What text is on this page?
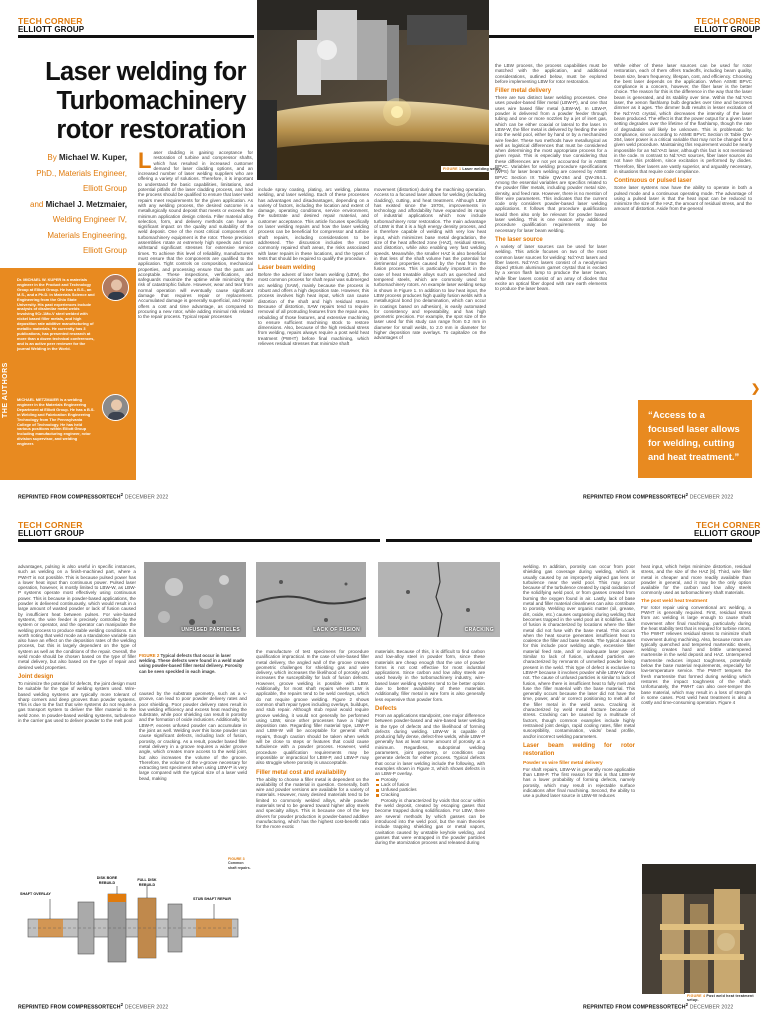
TECH CORNER
ELLIOTT GROUP
TECH CORNER
ELLIOTT GROUP
Laser welding for
Turbomachinery
rotor restoration
By Michael W. Kuper,
PhD., Materials Engineer,
Elliott Group
and Michael J. Metzmaier,
Welding Engineer IV,
Materials Engineering,
Elliott Group
THE AUTHORS
Dr. MICHAEL W. KUPER is a materials engineer in the Product and Technology Group at Elliott Group. He has a B.S., an M.S., and a Ph.D. in Materials Science and Engineering from the Ohio State University. His past experiences include analysis of dissimilar metal welds involving 9Cr-1Mo-V steel welded with nickel based filler metals, and high deposition rate additive manufacturing of metallic materials. He currently has 3 publications, has presented research at more than a dozen technical conferences, and is an active peer reviewer for the journal Welding in the World.
MICHAEL METZMAIER is a welding engineer in the Materials Engineering Department at Elliott Group. He has a B.S. in Welding and Fabrication Engineering Technology from The Pennsylvania College of Technology. He has held various positions within Elliott Group including manufacturing engineer, rotor division supervisor, and welding engineer.
Laser cladding is gaining acceptance for restoration of turbine and compressor shafts, which has resulted in increased customer demand for laser cladding options, and an increased number of laser welding suppliers who are offering a variety of solutions. Therefore, it is important to understand the basic capabilities, limitations, and potential pitfalls of the laser cladding process, and how the process should be qualified to ensure that laser weld repairs meet requirements for the given application. As with any welding process, the desired outcome is a metallurgically sound deposit that meets or exceeds the minimum application design criteria. Filler material alloy selection, form, and delivery methods can have a significant impact on the quality and suitability of the weld deposit. One of the most critical components of turbomachinery equipment is the rotor. These precision assemblies rotate at extremely high speeds and must withstand significant stresses for extensive service times. To achieve this level of reliability, manufacturers must ensure that the components are qualified to the application. Tight controls on composition, mechanical properties, and processing ensure that the parts are acceptable. These inspections, verifications, and safeguards maximize the uptime while minimizing the risk of catastrophic failure. However, wear and tear from normal operation will eventually cause significant damage that requires repair or replacement. Accumulated damage is generally superficial, and repair offers a cost and time advantage, as compared to procuring a new rotor, while adding minimal risk related to the repair process. Typical repair processes
FIGURE 1 Laser welding setup.

include spray coating, plating, arc welding, plasma welding, and laser welding. Each of these processes has advantages and disadvantages, depending on a variety of factors, including the location and extent of damage, operating conditions, service environment, the substrate and desired repair material, and customer acceptance. This article focuses specifically on laser welding repairs and how the laser welding process can be beneficial for compressor and turbine shaft repairs, including considerations to be addressed. The discussion includes the most commonly repaired shaft areas, the risks associated with laser repairs in these locations, and the types of tests that should be required to qualify the procedure.

Laser beam welding

Before the advent of laser beam welding (LBW), the most common process for shaft repair was submerged arc welding (SAW), mainly because the process is robust and offers a high deposition rate. However, this process involves high heat input, which can cause distortion of the shaft and high residual stress. Because of distortion, SAW repairs tend to require removal of all protruding features from the repair area, rebuilding of those features, and extensive machining to ensure sufficient machining stock to restore dimensions. Also, because of the high residual stress from welding, repairs always require a post weld heat treatment (PWHT) before final machining, which relieves residual stresses that minimize shaft

movement (distortion) during the machining operation. Access to a focused laser allows for welding (including cladding), cutting, and heat treatment. Although LBW has existed since the 1970s, improvements in technology and affordability have expanded its range of industrial applications which now include turbomachinery rotor restoration. The main advantage of LBW is that it is a high energy density process, and is therefore capable of welding with very low heat input, which minimizes base metal degradation, the size of the heat affected zone (HAZ), residual stress, and distortion, while also enabling very fast welding speeds. Meanwhile, the smaller HAZ is also beneficial in that less of the shaft volume has the potential for detrimental properties caused by the heat from the fusion process. This is particularly important in the case of heat treatable alloys such as quenched and tempered steels, which are commonly used for turbomachinery rotors. An example laser welding setup is shown in Figure 1. In addition to low heat input, the LBW process produces high quality fusion welds with a metallurgical bond (no delamination, which can occur in coatings based on adhesion), is easily automated for consistency and repeatability, and has high geometric precision. For example, the spot size of the laser used for this study can range from 0.2 mm in diameter for small welds, to 2.0 mm in diameter for higher deposition rate overlays. To capitalize on the advantages of

the LBW process, the process capabilities must be matched with the application, and additional considerations, outlined below, must be explored before implementing LBW for rotor restoration.

Filler metal delivery

There are two distinct laser welding processes. One uses powder-based filler metal (LBW-P), and one that uses wire based filler metal (LBW-W). In LBW-P, powder is delivered from a powder feeder through tubing and one or more nozzles by a jet of inert gas, which can be either coaxial or lateral to the laser. In LBW-W, the filler metal is delivered by feeding the wire into the weld pool, either by hand or by a mechanized wire feeder. These two methods have metallurgical as well as logistical differences that must be considered when determining the most appropriate process for a given repair. This is especially true considering that these differences are not yet accounted for in ASME BPVC. Variables for welding procedure specifications (WPS) for laser beam welding are covered by ASME BPVC Section IX Table QW-264 and QW-264.1. Among the essential variables are specifics related to the powder filler metals, including powder metal size, density, and feed rate. However, there is no mention of filler wire parameters. This indicates that the current code only considers powder-based laser welding applications. It follows that procedure qualification would then also only be relevant for powder based laser welding. This is one reason why additional procedure qualification requirements may be necessary for laser beam welding.

The laser source

A variety of laser sources can be used for laser welding. This article focuses on two of the most common laser sources for welding: Nd:YAG lasers and fiber lasers. Nd:YAG lasers consist of a neodymium doped yttrium aluminum garnet crystal that is excited by a xenon flash lamp to produce the laser beam, while fiber lasers consist of an array of diodes that excite an optical fiber doped with rare earth elements to produce the laser beam.

While either of these laser sources can be used for rotor restoration, each of them offers tradeoffs, including beam quality, beam size, beam frequency, lifespan, cost, and efficiency. Choosing the best laser depends on the application. When ASME BPVC compliance is a concern, however, the fiber laser is the better choice. The reason for this is the difference in the way that the laser beam is generated, and its stability over time. Within the Nd:YAG laser, the xenon flashlamp bulb degrades over time and becomes dimmer as it ages. The dimmer bulb results in lesser excitation of the Nd:YAG crystal, which decreases the intensity of the laser beam produced. The effect is that the power output for a given laser setting degrades over the lifetime of the flashlamp, though the rate of degradation will likely be unknown. This is problematic for compliance, since according to ASME BPVC Section IX Table QW-264, laser power is a critical variable that may not be changed for a given weld procedure. Maintaining this requirement would be nearly impossible for an Nd:YAG laser, although this fact is not mentioned in the code. In contrast to Nd:YAG sources, fiber laser sources do not have this problem, since excitation is performed by diodes. Therefore, fiber lasers are vastly superior, and arguably necessary, in situations that require code compliance.

Continuous or pulsed laser

Some laser systems now have the ability to operate in both a pulsed mode and a continuous operating mode. The advantage of using a pulsed laser is that the heat input can be reduced to minimize the size of the HAZ, the amount of residual stress, and the amount of distortion. Aside from the general

❯
“Access to a focused laser allows for welding, cutting and heat treatment.”
REPRINTED FROM COMPRESSORTECH$^2$ DECEMBER 2022	REPRINTED FROM COMPRESSORTECH$^2$ DECEMBER 2022
TECH CORNER
ELLIOTT GROUP
TECH CORNER
ELLIOTT GROUP

advantages, pulsing is also useful in specific instances, such as welding on a finish-machined part, where a PWHT is not possible. This is because pulsed power has a lower heat input than continuous power. Pulsed laser operation, however, is mostly limited to LBW-W, as LBW-P systems operate most effectively using continuous power. This is because in powder-based applications, the powder is delivered continuously, which would result in a large amount of wasted powder or lack of fusion caused by insufficient heat between pulses. For wire-based systems, the wire feeder is precisely controlled by the system or operator, and the operator can manipulate the welding process to produce stable welding conditions. It is worth noting that weld mode as a standalone variable can also have an effect on the deposition rates of the welding process, but this is largely dependent on the type of system as well as the conditions of the repair. Overall, the weld mode should be chosen based on the type of filler metal delivery, but also based on the type of repair and desired weld properties.

Joint design

To minimize the potential for defects, the joint design must be suitable for the type of welding system used. Wire-based welding systems are typically more tolerant of sharp corners and deep grooves than powder systems. This is due to the fact that wire systems do not require a gas transport system to deliver the filler material to the weld zone. In powder-based welding systems, turbulence in the carrier gas used to deliver powder to the melt pool

UNFUSED PARTICLES	LACK OF FUSION	CRACKING
FIGURE 2 Typical defects that occur in laser welding. These defects were found in a weld made using powder-based filler metal delivery. Porosity can be seen speckled in each image.

caused by the substrate geometry, such as a v-groove, can lead to poor powder delivery rates and poor shielding. Poor powder delivery rates result in low welding efficiency and excess heat reaching the substrate, while poor shielding can result in porosity and the formation of oxide inclusions. Additionally, for LBW-P, excess unfused powder can accumulate in the joint as well. Welding over this loose powder can cause significant defects, including lack of fusion, porosity, or cracking. As a result, powder based filler metal delivery in a groove requires a wider groove angle, which creates more access to the weld joint, but also increases the volume of the groove. Therefore, the volume of the v-groove necessary for extracting test specimens when using LBW-P is very large compared with the typical size of a laser weld bead, making

the manufacture of test specimens for procedure qualification impractical. In the case of wire-based filler metal delivery, the angled wall of the groove creates geometric challenges for shielding gas and wire delivery, which increases the likelihood of porosity and increases the susceptibility for lack of fusion defects. However, groove welding is possible with LBW. Additionally, for most shaft repairs where LBW is applicable, the repairs tend to be weld overlays, which do not require groove welding. Figure 2 shows common shaft repair types including overlays, buildups, and stub repair. Although stub repair would require groove welding, it would not generally be performed using LBW, since other processes have a higher deposition rate. Regarding filler material type, LBW-P and LBW-W will be acceptable for general shaft repairs, though caution should be taken when welds will be close to steps or features that could cause turbulence with a powder process. However, weld procedure qualification requirements may be impossible or impractical for LBW-P, and LBW-P may also struggle where porosity is unacceptable.

Filler metal cost and availability

The ability to choose a filler metal is dependent on the availability of the material in question. Generally, both wire and powder versions are available for a variety of materials. However, many desired materials tend to be limited to commonly welded alloys, while powder materials tend to be geared toward higher alloy steels and specialty alloys. This is because one of the key drivers for powder production is powder-based additive manufacturing, which has the highest cost-benefit ratio for the more exotic

materials. Because of this, it is difficult to find carbon and low-alloy steel in powder form, since these materials are cheap enough that the use of powder forms is not cost effective for most industrial applications. Since carbon and low alloy steels are used heavily in the turbomachinery industry, wire-based laser welding systems tend to be better option due to better availability of these materials. Additionally, filler metal in wire form is also generally less expensive than powder form.

Defects

From an applications standpoint, one major difference between powder-based and wire-based laser welding is the type of defects and the likelihood of forming defects during welding. LBW-W is capable of producing fully dense, defect-free welds, while LBW-P generally has at least some amount of porosity at a minimum. Regardless, suboptimal welding parameters, joint geometry, or conditions can generate defects for either process. Typical defects that occur in laser welding include the following, with examples shown in Figure 3, which shows defects in an LBW-P overlay.

Porosity
Lack of fusion
Unfused particles
Cracking

Porosity is characterized by voids that occur within the weld deposit, created by escaping gases that become trapped during solidification. For LBW, there are several methods by which gasses can be introduced into the weld pool, but the main theories include trapping shielding gas or metal vapors, cavitation caused by unstable keyhole welding, and gasses that were entrapped in the powder particles during the atomization process and released during

SHAFT OVERLAY
DISK BORE REBUILD
FULL DISK REBUILD
STUB SHAFT REPAIR
FIGURE 3 Common shaft repairs.

welding. In addition, porosity can occur from poor shielding gas coverage during welding, which is usually caused by an improperly aligned gas lens or turbulence near the weld pool. This may occur because of the turbulence created by rapid oxidation of the solidifying weld pool, or from gasses created from burning the oxygen found in air. Lastly, lack of base metal and filler material cleanliness can also contribute to porosity. Welding over organic matter (oil, grease, dirt, oxide, etc.) causes outgassing during welding that becomes trapped in the weld pool as it solidifies. Lack of fusion is characterized by locations where the filler metal did not fuse with the base metal. This occurs when the heat source generates insufficient heat to coalesce the filler and base metals. The typical causes for this include poor welding angle, excessive filler material feed rate, and/ or inadequate laser power. Similar to lack of fusion, unfused particles are characterized by remnants of unmelted powder being present in the weld. This type of defect is exclusive to LBW-P because it involves powder while LBW-W does not. The cause of unfused particles is similar to lack of fusion, where there is insufficient heat to fully melt and fuse the filler material with the base material. This generally occurs because the laser did not have the time, power, and/ or correct positioning to melt all of the filler metal in the weld area. Cracking is characterized by weld metal fracture because of stress. Cracking can be caused by a multitude of factors, though common examples include highly restrained joint design, rapid cooling rates, filler metal susceptibility, contamination, voids/ bead profile, and/or incorrect welding parameters.

Laser beam welding for rotor restoration
Powder vs wire filler metal delivery

For shaft repairs, LBW-W is generally more applicable than LBW-P. The first reason for this is that LBW-W has a lower probability of forming defects, namely porosity, which may result in rejectable surface indications after final machining. Second, the ability to use a pulsed laser source in LBW-W reduces

heat input, which helps minimize distortion, residual stress, and the size of the HAZ [6]. Third, wire filler metal is cheaper and more readily available than powder in general, and it may be the only option available for the carbon and low alloy steels commonly used as turbomachinery shaft materials.

The post weld heat treatment

For rotor repair using conventional arc welding, a PWHT is generally required. First, residual stress from arc welding is large enough to cause shaft movement after final machining, particularly during the heat stability test that is required for turbine rotors. The PWHT relieves residual stress to minimize shaft movement during machining. Also, because rotors are typically quenched and tempered martensitic steels, welding creates hard and brittle untempered martensite in the weld deposit and HAZ. Untempered martensite reduces impact toughness, potentially below the base material requirements, especially for low-temperature service. The PWHT tempers the fresh martensite that formed during welding which restores the impact toughness of the shaft. Unfortunately, the PWHT can also over-temper the base material, which may result in a loss of strength in some cases. Post weld heat treatment is also a costly and time-consuming operation. Figure 4

FIGURE 4 Post weld heat treatment setup.
REPRINTED FROM COMPRESSORTECH$^2$ DECEMBER 2022	REPRINTED FROM COMPRESSORTECH$^2$ DECEMBER 2022
